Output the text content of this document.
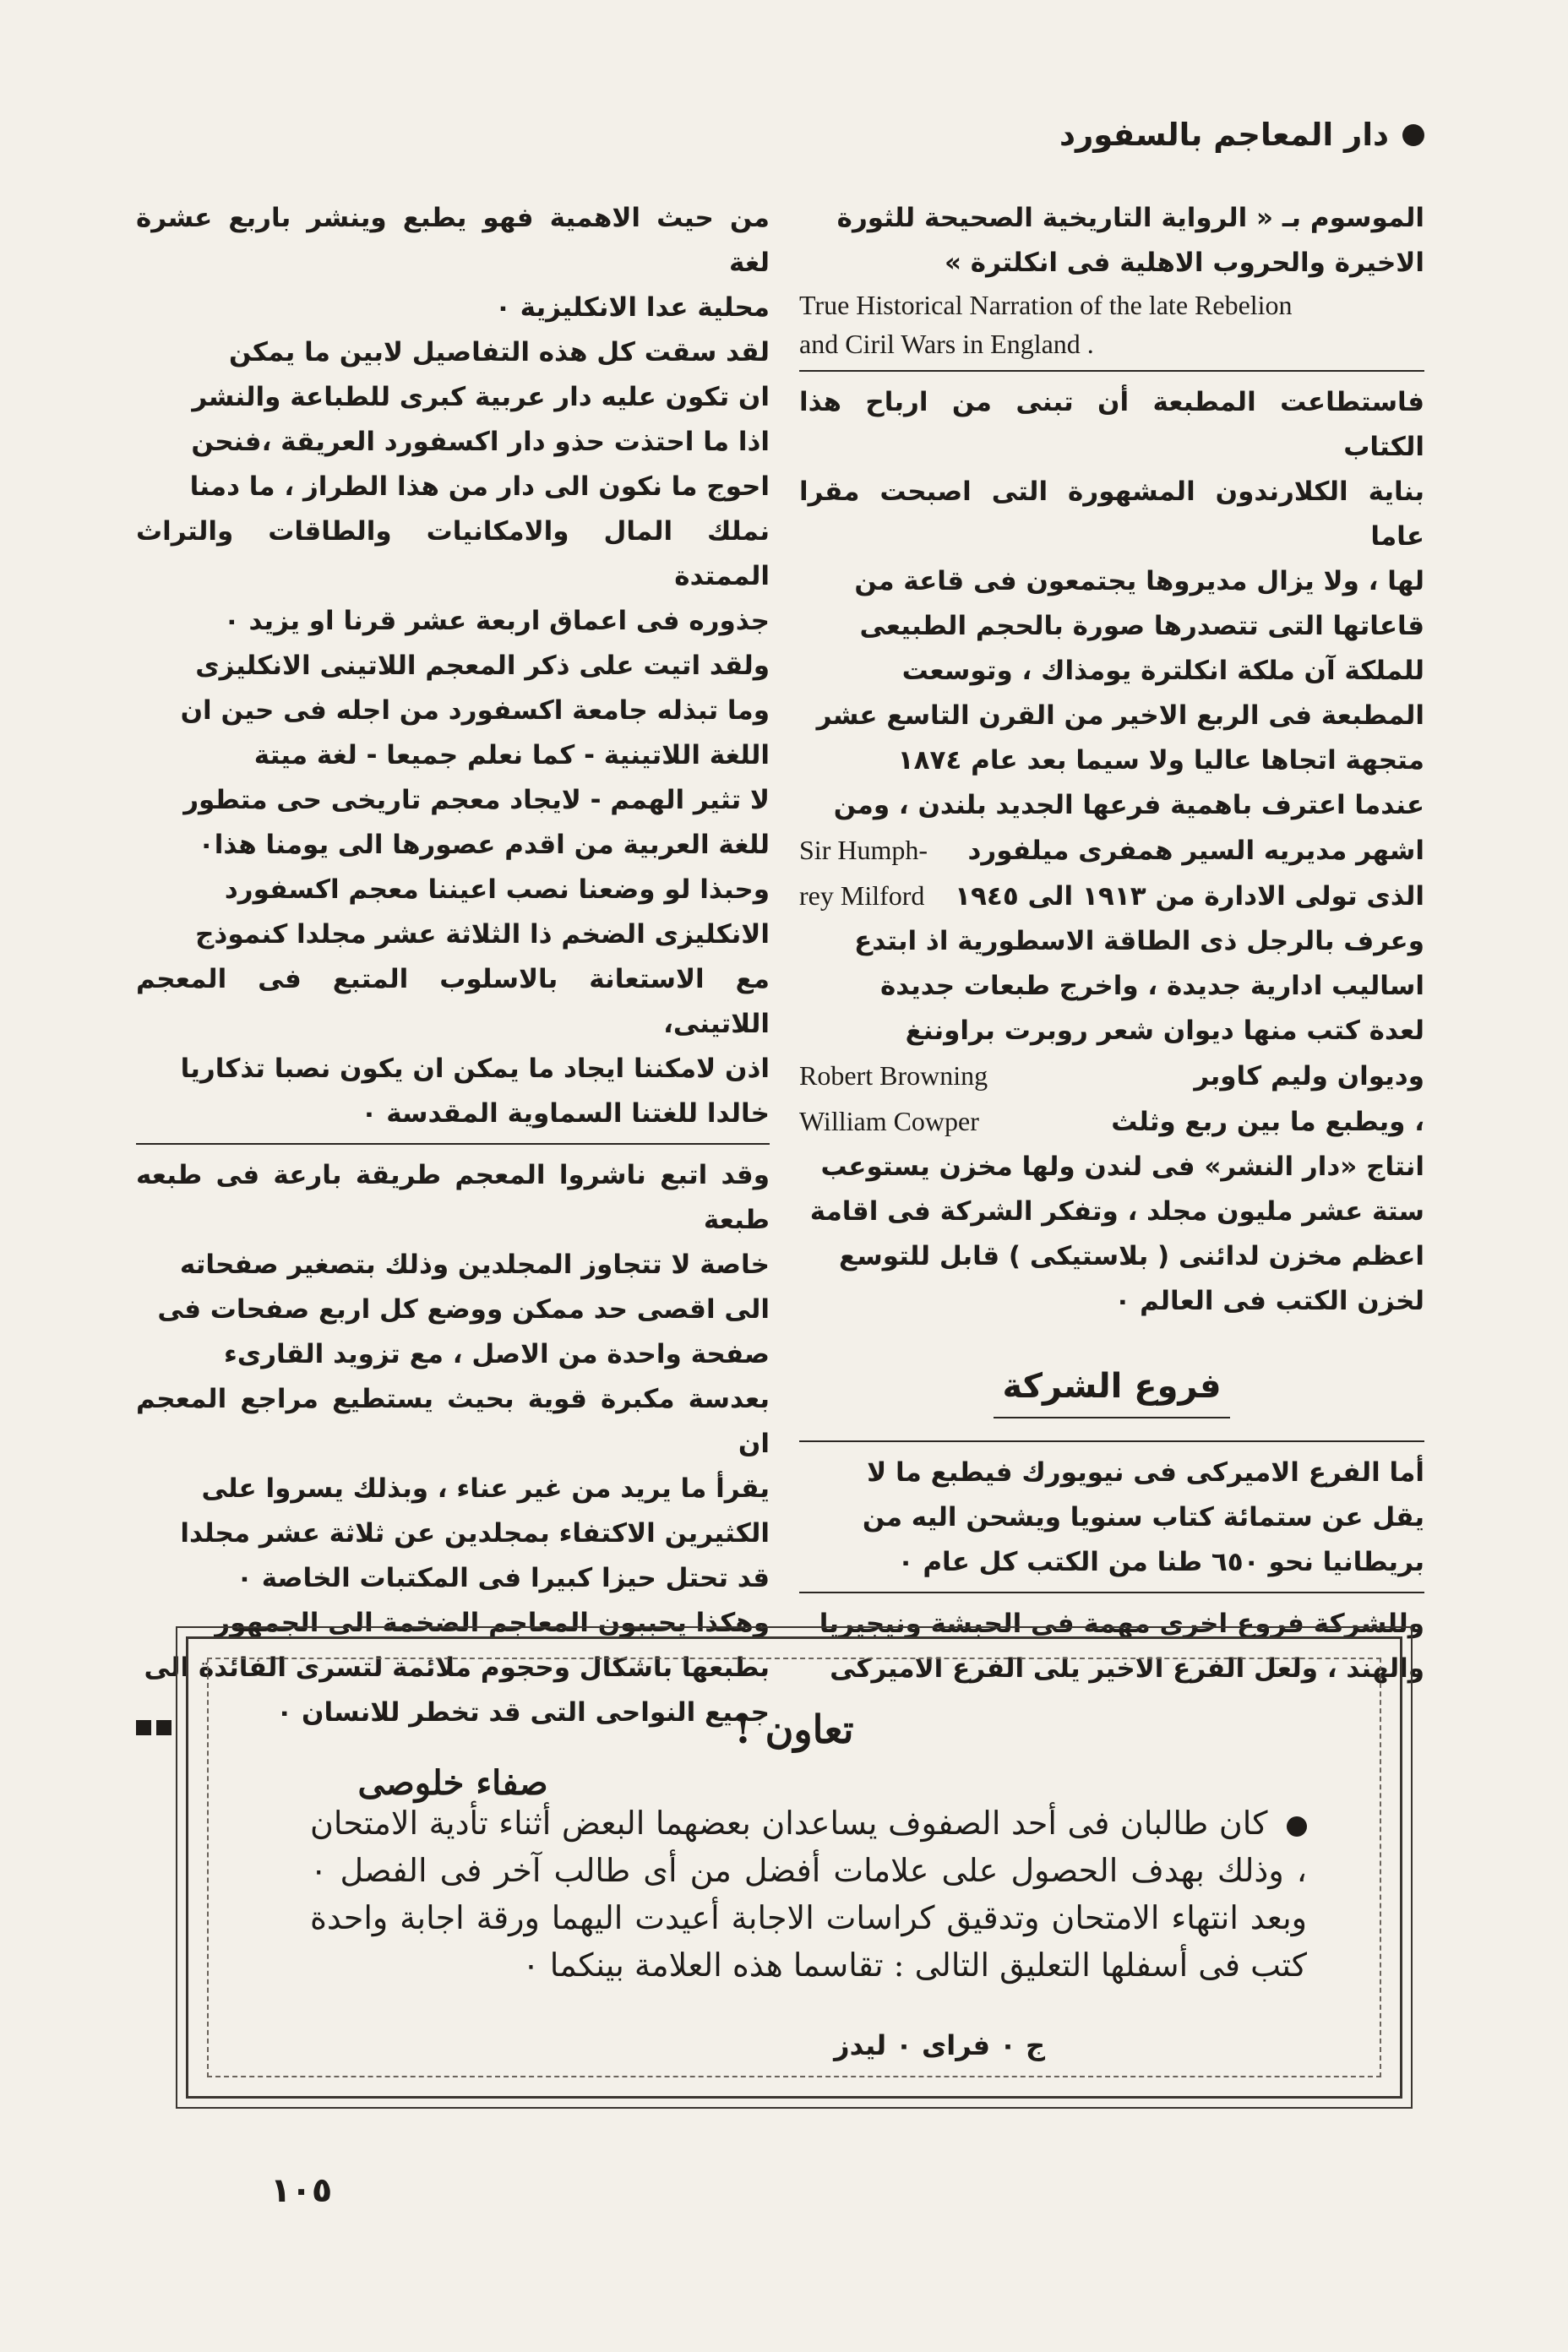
دار المعاجم بالسفورد

الموسوم بـ « الرواية التاريخية الصحيحة للثورة

الاخيرة والحروب الاهلية فى انكلترة »

True Historical Narration of the late Rebelion

and Ciril Wars in England .

فاستطاعت المطبعة أن تبنى من ارباح هذا الكتاب

بناية الكلارندون المشهورة التى اصبحت مقرا عاما

لها ، ولا يزال مديروها يجتمعون فى قاعة من

قاعاتها التى تتصدرها صورة بالحجم الطبيعى

للملكة آن ملكة انكلترة يومذاك ، وتوسعت

المطبعة فى الربع الاخير من القرن التاسع عشر

متجهة اتجاها عاليا ولا سيما بعد عام ١٨٧٤

عندما اعترف باهمية فرعها الجديد بلندن ، ومن

اشهر مديريه السير همفرى ميلفورد
Sir Humph-

الذى تولى الادارة من ١٩١٣ الى ١٩٤٥
rey Milford

وعرف بالرجل ذى الطاقة الاسطورية اذ ابتدع

اساليب ادارية جديدة ، واخرج طبعات جديدة

لعدة كتب منها ديوان شعر روبرت براوننغ

وديوان وليم كاوبر
Robert Browning

، ويطبع ما بين ربع وثلث
William Cowper

انتاج «دار النشر» فى لندن ولها مخزن يستوعب

ستة عشر مليون مجلد ، وتفكر الشركة فى اقامة

اعظم مخزن لدائنى ( بلاستيكى ) قابل للتوسع

لخزن الكتب فى العالم ٠

فروع الشركة

أما الفرع الاميركى فى نيويورك فيطبع ما لا

يقل عن ستمائة كتاب سنويا ويشحن اليه من

بريطانيا نحو ٦٥٠ طنا من الكتب كل عام ٠

وللشركة فروع اخرى مهمة فى الحبشة ونيجيريا

والهند ، ولعل الفرع الاخير يلى الفرع الاميركى

من حيث الاهمية فهو يطبع وينشر باربع عشرة لغة

محلية عدا الانكليزية ٠

لقد سقت كل هذه التفاصيل لابين ما يمكن

ان تكون عليه دار عربية كبرى للطباعة والنشر

اذا ما احتذت حذو دار اكسفورد العريقة ،فنحن

احوج ما نكون الى دار من هذا الطراز ، ما دمنا

نملك المال والامكانيات والطاقات والتراث الممتدة

جذوره فى اعماق اربعة عشر قرنا او يزيد ٠

ولقد اتيت على ذكر المعجم اللاتينى الانكليزى

وما تبذله جامعة اكسفورد من اجله فى حين ان

اللغة اللاتينية - كما نعلم جميعا - لغة ميتة

لا تثير الهمم - لايجاد معجم تاريخى حى متطور

للغة العربية من اقدم عصورها الى يومنا هذا٠

وحبذا لو وضعنا نصب اعيننا معجم اكسفورد

الانكليزى الضخم ذا الثلاثة عشر مجلدا كنموذج

مع الاستعانة بالاسلوب المتبع فى المعجم اللاتينى،

اذن لامكننا ايجاد ما يمكن ان يكون نصبا تذكاريا

خالدا للغتنا السماوية المقدسة ٠

وقد اتبع ناشروا المعجم طريقة بارعة فى طبعه طبعة

خاصة لا تتجاوز المجلدين وذلك بتصغير صفحاته

الى اقصى حد ممكن ووضع كل اربع صفحات فى

صفحة واحدة من الاصل ، مع تزويد القارىء

بعدسة مكبرة قوية بحيث يستطيع مراجع المعجم ان

يقرأ ما يريد من غير عناء ، وبذلك يسروا على

الكثيرين الاكتفاء بمجلدين عن ثلاثة عشر مجلدا

قد تحتل حيزا كبيرا فى المكتبات الخاصة ٠

وهكذا يحببون المعاجم الضخمة الى الجمهور

بطبعها باشكال وحجوم ملائمة لتسرى الفائدة الى

جميع النواحى التى قد تخطر للانسان ٠

صفاء خلوصى
تعاون !
كان طالبان فى أحد الصفوف يساعدان بعضهما البعض أثناء تأدية الامتحان ، وذلك بهدف الحصول على علامات أفضل من أى طالب آخر فى الفصل ٠ وبعد انتهاء الامتحان وتدقيق كراسات الاجابة أعيدت اليهما ورقة اجابة واحدة كتب فى أسفلها التعليق التالى : تقاسما هذه العلامة بينكما ٠
ج ٠ فراى ٠ ليدز
١٠٥
